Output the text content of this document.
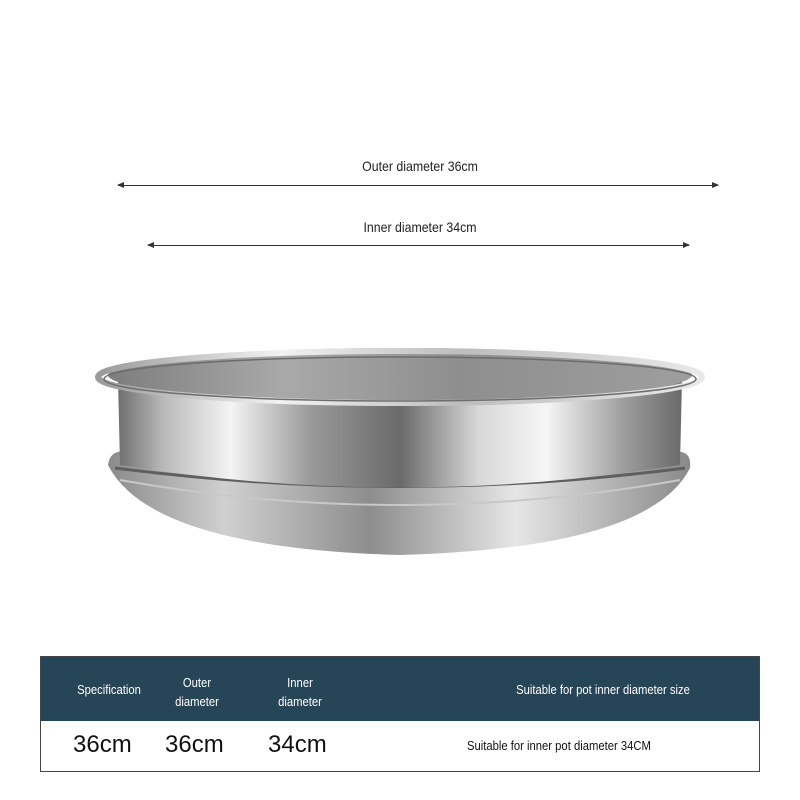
Outer diameter 36cm
Inner diameter 34cm
Specification	Outer
diameter
Inner
diameter
Suitable for pot inner diameter size
36cm 36cm 34cm	Suitable for inner pot diameter 34CM
